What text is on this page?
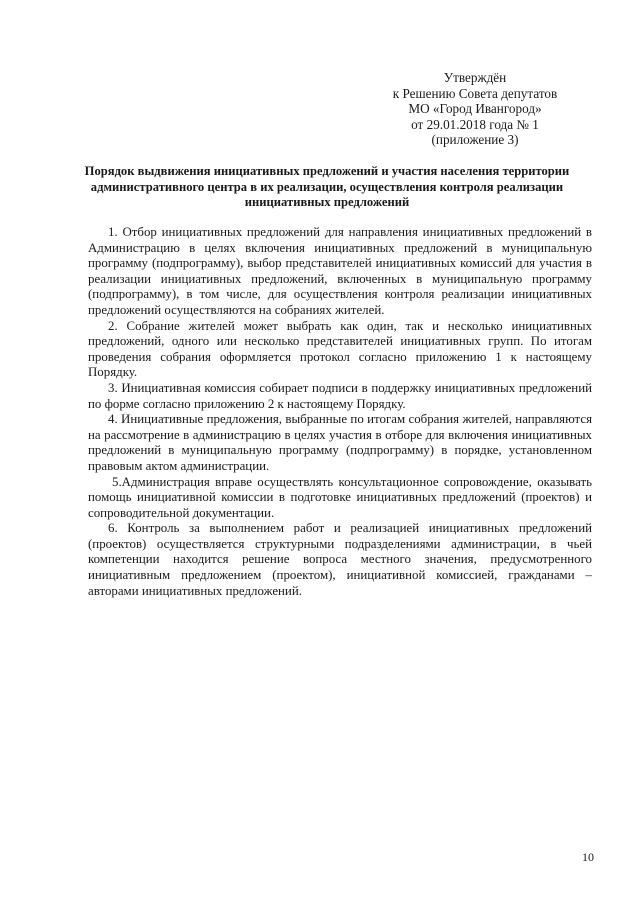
Утверждён
к Решению Совета депутатов
МО «Город Ивангород»
от 29.01.2018 года № 1
(приложение 3)
Порядок выдвижения инициативных предложений и участия населения территории
административного центра в их реализации, осуществления контроля реализации
инициативных предложений

1. Отбор инициативных предложений для направления инициативных предложений в Администрацию в целях включения инициативных предложений в муниципальную программу (подпрограмму), выбор представителей инициативных комиссий для участия в реализации инициативных предложений, включенных в муниципальную программу (подпрограмму), в том числе, для осуществления контроля реализации инициативных предложений осуществляются на собраниях жителей.

2. Собрание жителей может выбрать как один, так и несколько инициативных предложений, одного или несколько представителей инициативных групп. По итогам проведения собрания оформляется протокол согласно приложению 1 к настоящему Порядку.

3. Инициативная комиссия собирает подписи в поддержку инициативных предложений по форме согласно приложению 2 к настоящему Порядку.

4. Инициативные предложения, выбранные по итогам собрания жителей, направляются на рассмотрение в администрацию в целях участия в отборе для включения инициативных предложений в муниципальную программу (подпрограмму) в порядке, установленном правовым актом администрации.

5.Администрация вправе осуществлять консультационное сопровождение, оказывать помощь инициативной комиссии в подготовке инициативных предложений (проектов) и сопроводительной документации.

6. Контроль за выполнением работ и реализацией инициативных предложений (проектов) осуществляется структурными подразделениями администрации, в чьей компетенции находится решение вопроса местного значения, предусмотренного инициативным предложением (проектом), инициативной комиссией, гражданами – авторами инициативных предложений.

10
